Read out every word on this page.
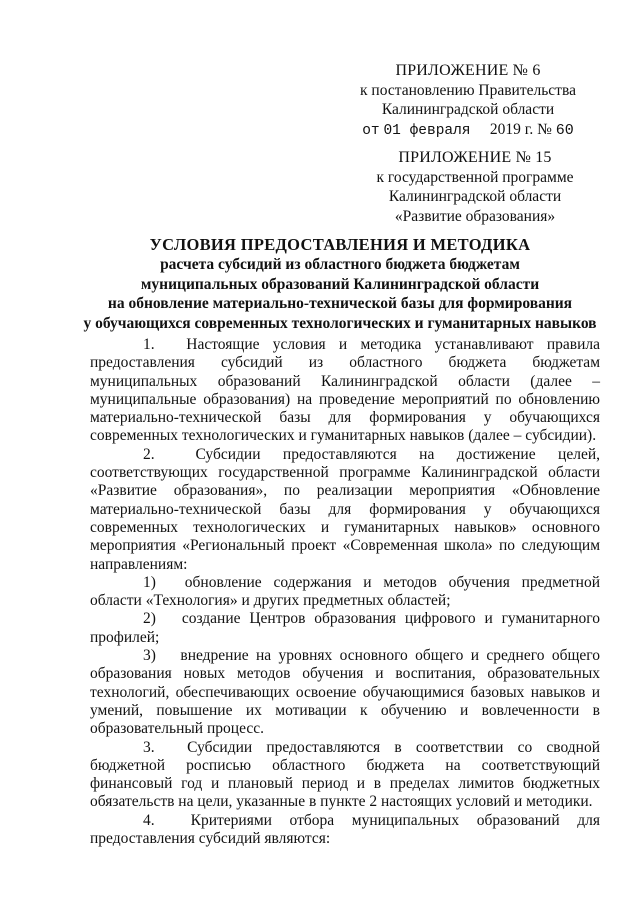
ПРИЛОЖЕНИЕ № 6
к постановлению Правительства
Калининградской области
от 01 февраля 2019 г. № 60
ПРИЛОЖЕНИЕ № 15
к государственной программе
Калининградской области
«Развитие образования»
УСЛОВИЯ ПРЕДОСТАВЛЕНИЯ И МЕТОДИКА
расчета субсидий из областного бюджета бюджетам
муниципальных образований Калининградской области
на обновление материально-технической базы для формирования
у обучающихся современных технологических и гуманитарных навыков

1. Настоящие условия и методика устанавливают правила предоставления субсидий из областного бюджета бюджетам муниципальных образований Калининградской области (далее – муниципальные образования) на проведение мероприятий по обновлению материально-технической базы для формирования у обучающихся современных технологических и гуманитарных навыков (далее – субсидии).

2.	Субсидии предоставляются на достижение целей, соответствующих государственной программе Калининградской области «Развитие образования», по реализации мероприятия «Обновление материально-технической базы для формирования у обучающихся современных технологических и гуманитарных навыков» основного мероприятия «Региональный проект «Современная школа» по следующим направлениям:

1) обновление содержания и методов обучения предметной области «Технология» и других предметных областей;

2) создание Центров образования цифрового и гуманитарного профилей;

3) внедрение на уровнях основного общего и среднего общего образования новых методов обучения и воспитания, образовательных технологий, обеспечивающих освоение обучающимися базовых навыков и умений, повышение их мотивации к обучению и вовлеченности в образовательный процесс.

3. Субсидии предоставляются в соответствии со сводной бюджетной росписью областного бюджета на соответствующий финансовый год и плановый период и в пределах лимитов бюджетных обязательств на цели, указанные в пункте 2 настоящих условий и методики.

4. Критериями отбора муниципальных образований для предоставления субсидий являются:
